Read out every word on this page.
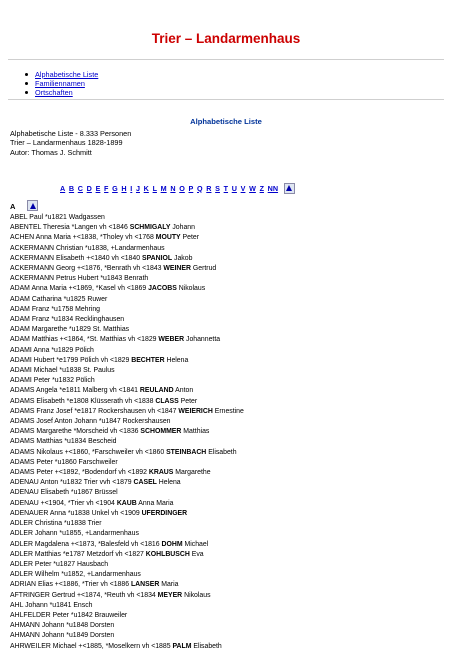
Trier – Landarmenhaus
Alphabetische Liste
Familiennamen
Ortschaften
Alphabetische Liste
Alphabetische Liste - 8.333 Personen
Trier – Landarmenhaus 1828-1899
Autor: Thomas J. Schmitt
A B C D E F G H I J K L M N O P Q R S T U V W Z NN
A
ABEL Paul *u1821 Wadgassen
ABENTEL Theresia *Langen vh <1846 SCHMIGALY Johann
ACHEN Anna Maria +<1838, *Tholey vh <1768 MOUTY Peter
ACKERMANN Christian *u1838, +Landarmenhaus
ACKERMANN Elisabeth +<1840 vh <1840 SPANIOL Jakob
ACKERMANN Georg +<1876, *Benrath vh <1843 WEINER Gertrud
ACKERMANN Petrus Hubert *u1843 Benrath
ADAM Anna Maria +<1869, *Kasel vh <1869 JACOBS Nikolaus
ADAM Catharina *u1825 Ruwer
ADAM Franz *u1758 Mehring
ADAM Franz *u1834 Recklinghausen
ADAM Margarethe *u1829 St. Matthias
ADAM Matthias +<1864, *St. Matthias vh <1829 WEBER Johannetta
ADAMI Anna *u1829 Pölich
ADAMI Hubert *e1799 Pölich vh <1829 BECHTER Helena
ADAMI Michael *u1838 St. Paulus
ADAMI Peter *u1832 Pölich
ADAMS Angela *e1811 Malberg vh <1841 REULAND Anton
ADAMS Elisabeth *e1808 Klüsserath vh <1838 CLASS Peter
ADAMS Franz Josef *e1817 Rockershausen vh <1847 WEIERICH Ernestine
ADAMS Josef Anton Johann *u1847 Rockershausen
ADAMS Margarethe *Morscheid vh <1836 SCHOMMER Matthias
ADAMS Matthias *u1834 Bescheid
ADAMS Nikolaus +<1860, *Farschweiler vh <1860 STEINBACH Elisabeth
ADAMS Peter *u1860 Farschweiler
ADAMS Peter +<1892, *Bodendorf vh <1892 KRAUS Margarethe
ADENAU Anton *u1832 Trier vvh <1879 CASEL Helena
ADENAU Elisabeth *u1867 Brüssel
ADENAU +<1904, *Trier vh <1904 KAUB Anna Maria
ADENAUER Anna *u1838 Unkel vh <1909 UFERDINGER
ADLER Christina *u1838 Trier
ADLER Johann *u1855, +Landarmenhaus
ADLER Magdalena +<1873, *Balesfeld vh <1816 DOHM Michael
ADLER Matthias *e1787 Metzdorf vh <1827 KOHLBUSCH Eva
ADLER Peter *u1827 Hausbach
ADLER Wilhelm *u1852, +Landarmenhaus
ADRIAN Elias +<1886, *Trier vh <1886 LANSER Maria
AFTRINGER Gertrud +<1874, *Reuth vh <1834 MEYER Nikolaus
AHL Johann *u1841 Ensch
AHLFELDER Peter *u1842 Brauweiler
AHMANN Johann *u1848 Dorsten
AHMANN Johann *u1849 Dorsten
AHRWEILER Michael +<1885, *Moselkern vh <1885 PALM Elisabeth
